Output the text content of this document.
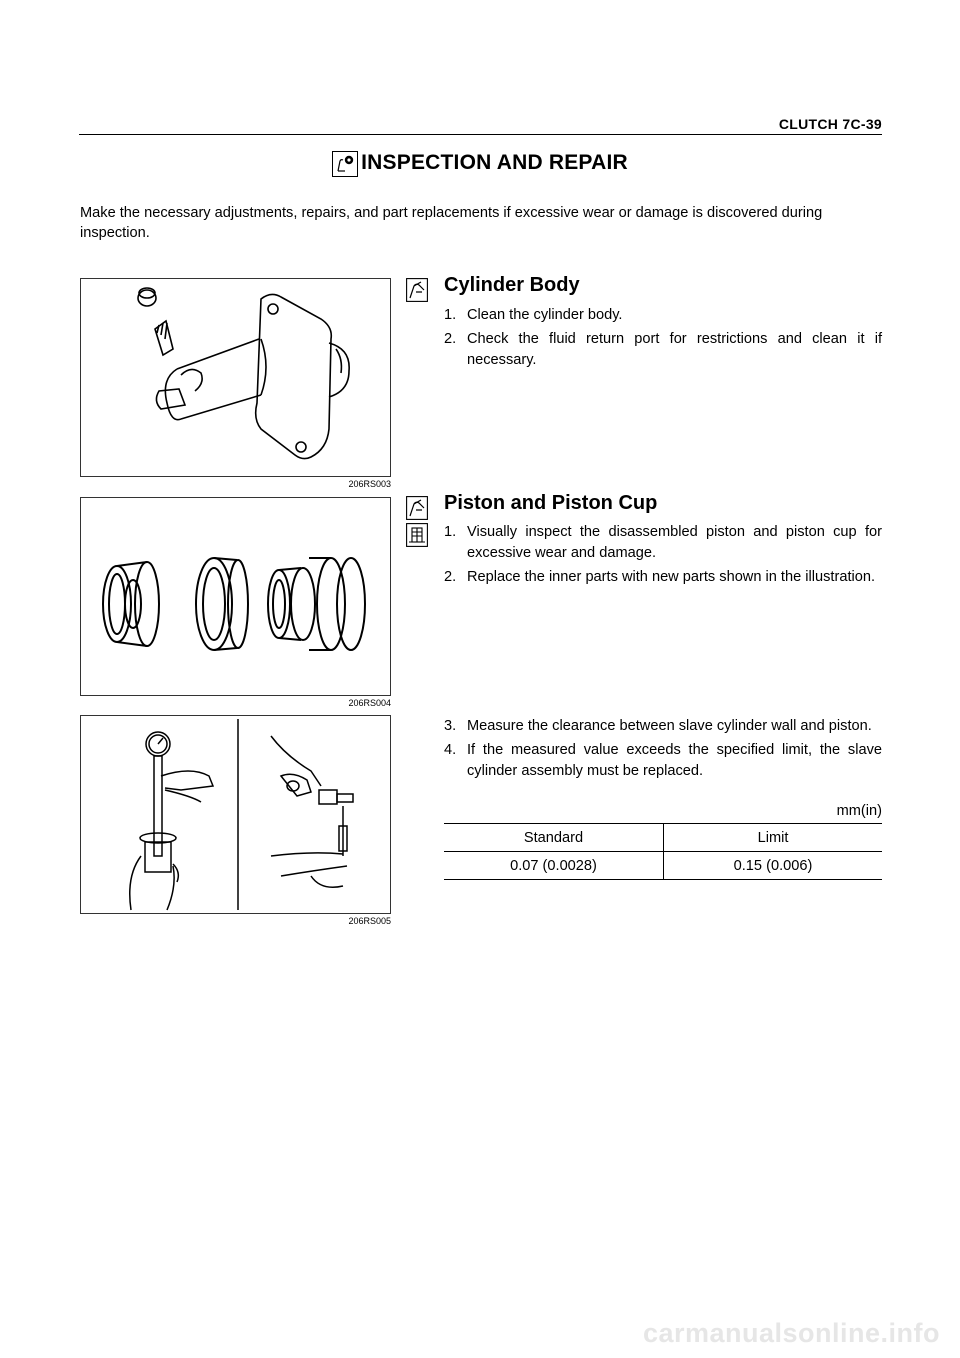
CLUTCH 7C-39
INSPECTION AND REPAIR
Make the necessary adjustments, repairs, and part replacements if excessive wear or damage is discovered during inspection.
206RS003
206RS004
206RS005
Cylinder Body
1. Clean the cylinder body.
2. Check the fluid return port for restrictions and clean it if necessary.
Piston and Piston Cup
1. Visually inspect the disassembled piston and piston cup for excessive wear and damage.
2. Replace the inner parts with new parts shown in the illustration.
3. Measure the clearance between slave cylinder wall and piston.
4. If the measured value exceeds the specified limit, the slave cylinder assembly must be replaced.
mm(in)
Standard	Limit
0.07 (0.0028)	0.15 (0.006)
carmanualsonline.info
